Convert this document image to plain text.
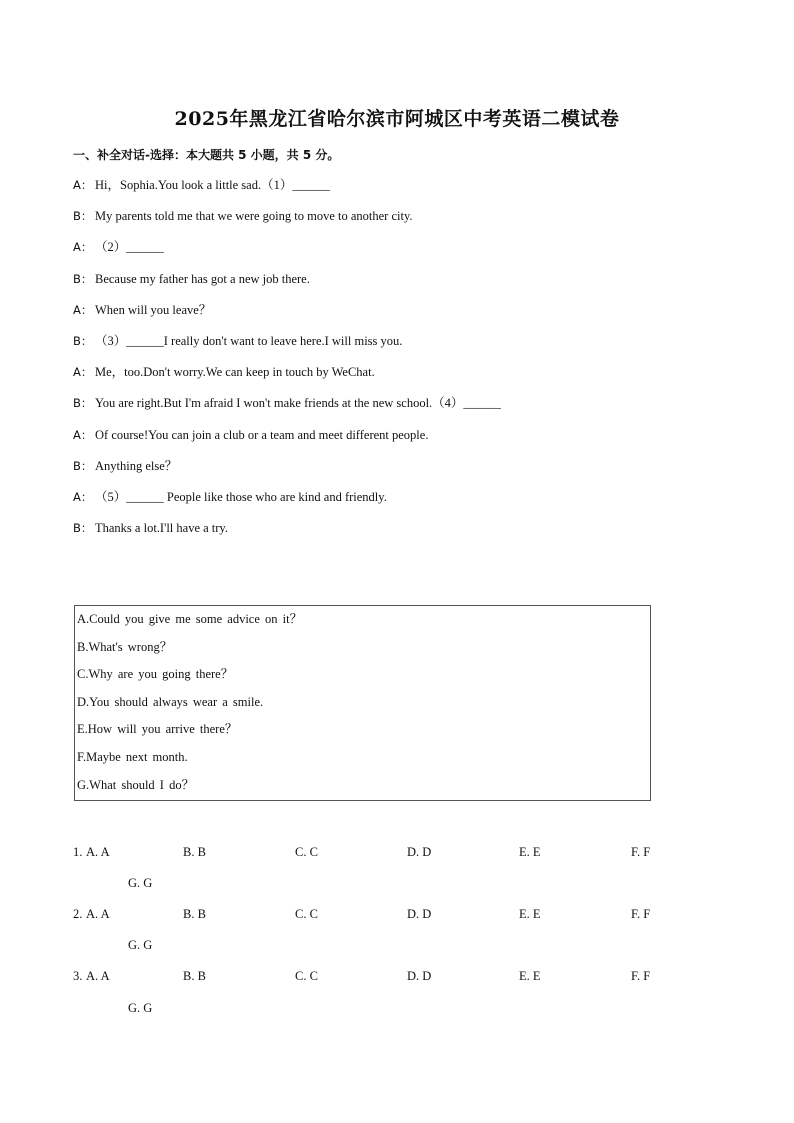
2025年黑龙江省哈尔滨市阿城区中考英语二模试卷
一、补全对话-选择：本大题共 5 小题，共 5 分。
A： Hi，Sophia.You look a little sad.（1）______
B： My parents told me that we were going to move to another city.
A： （2）______
B： Because my father has got a new job there.
A： When will you leave？
B： （3）______I really don't want to leave here.I will miss you.
A： Me，too.Don't worry.We can keep in touch by WeChat.
B： You are right.But I'm afraid I won't make friends at the new school.（4）______
A： Of course!You can join a club or a team and meet different people.
B： Anything else？
A： （5）______ People like those who are kind and friendly.
B： Thanks a lot.I'll have a try.
A.Could you give me some advice on it？
B.What's wrong？
C.Why are you going there？
D.You should always wear a smile.
E.How will you arrive there？
F.Maybe next month.
G.What should I do？
1. A. A	B. B	C. C	D. D	E. E	F. F
G. G
2. A. A	B. B	C. C	D. D	E. E	F. F
G. G
3. A. A	B. B	C. C	D. D	E. E	F. F
G. G
